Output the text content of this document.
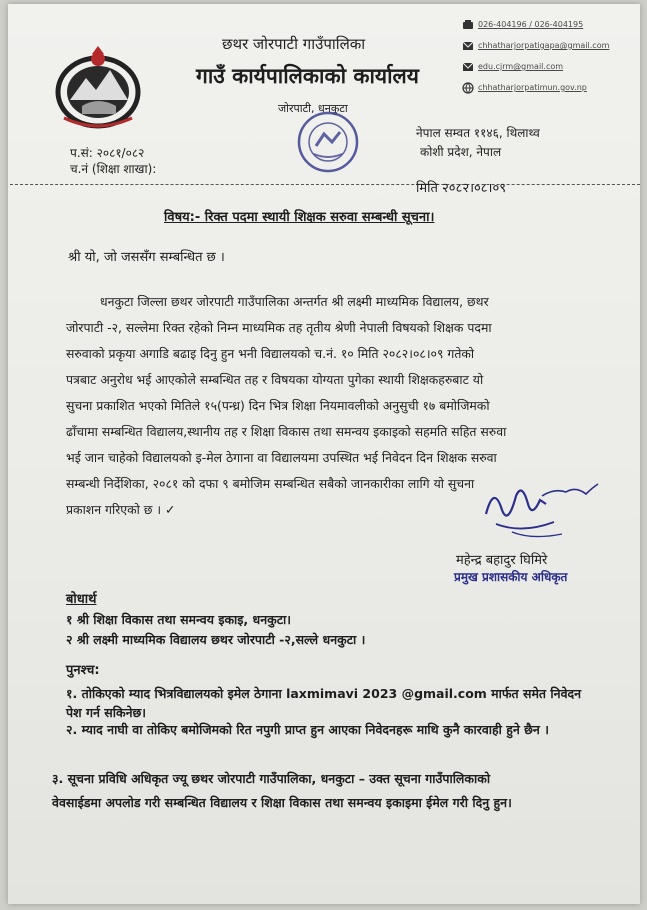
छथर जोरपाटी गाउँपालिका
गाउँ कार्यपालिकाको कार्यालय
जोरपाटी, धनकुटा
026-404196 / 026-404195
chhatharjorpatigapa@gmail.com
edu.cjrm@gmail.com
chhatharjorpatimun.gov.np
प.सं: २०८१/०८२
च.नं (शिक्षा शाखा):
नेपाल सम्वत ११४६, थिलाथ्व
कोशी प्रदेश, नेपाल
मिति २०८२।०८।०९
विषय:- रिक्त पदमा स्थायी शिक्षक सरुवा सम्बन्धी सूचना।
श्री यो, जो जससँग सम्बन्धित छ ।
धनकुटा जिल्ला छथर जोरपाटी गाउँपालिका अन्तर्गत श्री लक्ष्मी माध्यमिक विद्यालय, छथर
जोरपाटी -२, सल्लेमा रिक्त रहेको निम्न माध्यमिक तह तृतीय श्रेणी नेपाली विषयको शिक्षक पदमा
सरुवाको प्रकृया अगाडि बढाइ दिनु हुन भनी विद्यालयको च.नं. १० मिति २०८२।०८।०९ गतेको
पत्रबाट अनुरोध भई आएकोले सम्बन्धित तह र विषयका योग्यता पुगेका स्थायी शिक्षकहरुबाट यो
सुचना प्रकाशित भएको मितिले १५(पन्ध्र) दिन भित्र शिक्षा नियमावलीको अनुसुची १७ बमोजिमको
ढाँचामा सम्बन्धित विद्यालय,स्थानीय तह र शिक्षा विकास तथा समन्वय इकाइको सहमति सहित सरुवा
भई जान चाहेको विद्यालयको इ-मेल ठेगाना वा विद्यालयमा उपस्थित भई निवेदन दिन शिक्षक सरुवा
सम्बन्धी निर्देशिका, २०८१ को दफा ९ बमोजिम सम्बन्धित सबैको जानकारीका लागि यो सुचना
प्रकाशन गरिएको छ । ✓
महेन्द्र बहादुर घिमिरे
प्रमुख प्रशासकीय अधिकृत
बोधार्थ
१ श्री शिक्षा विकास तथा समन्वय इकाइ, धनकुटा।
२ श्री लक्ष्मी माध्यमिक विद्यालय छथर जोरपाटी -२,सल्ले धनकुटा ।
पुनश्च:
१. तोकिएको म्याद भित्रविद्यालयको इमेल ठेगाना laxmimavi 2023 @gmail.com मार्फत समेत निवेदन
पेश गर्न सकिनेछ।
२. म्याद नाघी वा तोकिए बमोजिमको रित नपुगी प्राप्त हुन आएका निवेदनहरू माथि कुनै कारवाही हुने छैन ।
३. सूचना प्रविधि अधिकृत ज्यू छथर जोरपाटी गाउँपालिका, धनकुटा – उक्त सूचना गाउँपालिकाको
वेवसाईडमा अपलोड गरी सम्बन्धित विद्यालय र शिक्षा विकास तथा समन्वय इकाइमा ईमेल गरी दिनु हुन।
